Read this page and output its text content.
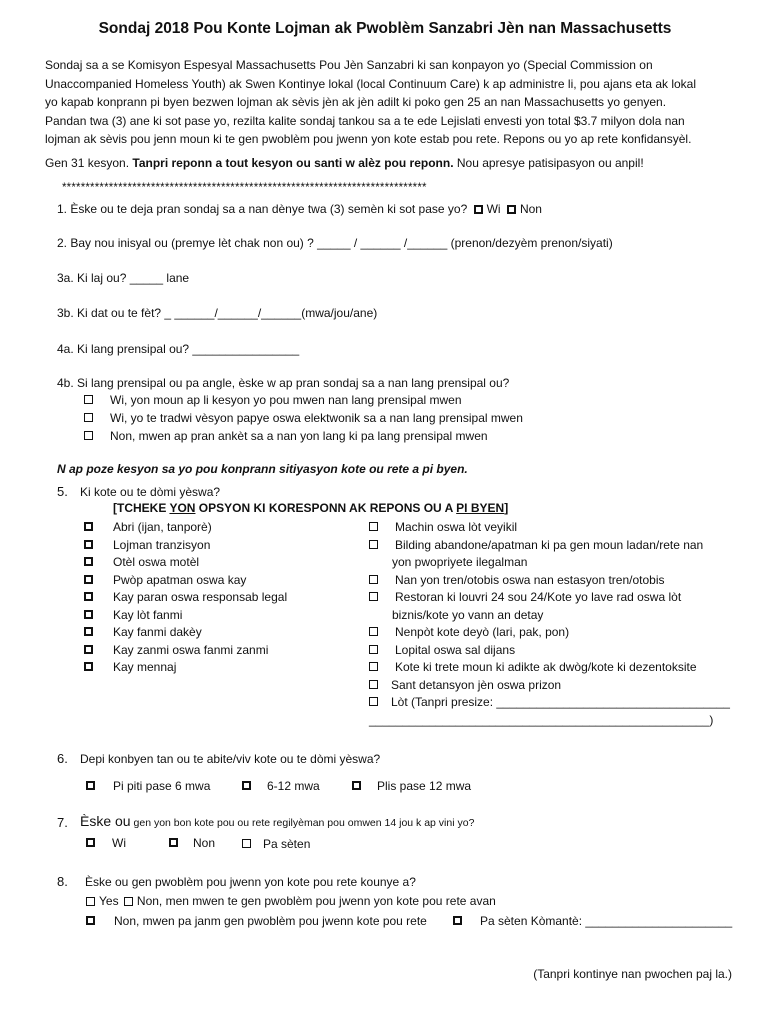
Sondaj 2018 Pou Konte Lojman ak Pwoblèm Sanzabri Jèn nan Massachusetts

Sondaj sa a se Komisyon Espesyal Massachusetts Pou Jèn Sanzabri ki san konpayon yo (Special Commission on

Unaccompanied Homeless Youth) ak Swen Kontinye lokal (local Continuum Care) k ap administre li, pou ajans eta ak lokal

yo kapab konprann pi byen bezwen lojman ak sèvis jèn ak jèn adilt ki poko gen 25 an nan Massachusetts yo genyen.

Pandan twa (3) ane ki sot pase yo, rezilta kalite sondaj tankou sa a te ede Lejislati envesti yon total $3.7 milyon dola nan

lojman ak sèvis pou jenn moun ki te gen pwoblèm pou jwenn yon kote estab pou rete. Repons ou yo ap rete konfidansyèl.

Gen 31 kesyon. Tanpri reponn a tout kesyon ou santi w alèz pou reponn. Nou apresye patisipasyon ou anpil!
******************************************************************************
1. Èske ou te deja pran sondaj sa a nan dènye twa (3) semèn ki sot pase yo? Wi Non
2. Bay nou inisyal ou (premye lèt chak non ou) ? _____ / ______ /______ (prenon/dezyèm prenon/siyati)
3a. Ki laj ou? _____ lane
3b. Ki dat ou te fèt? _ ______/______/______(mwa/jou/ane)
4a. Ki lang prensipal ou? ________________
4b. Si lang prensipal ou pa angle, èske w ap pran sondaj sa a nan lang prensipal ou?
Wi, yon moun ap li kesyon yo pou mwen nan lang prensipal mwen
Wi, yo te tradwi vèsyon papye oswa elektwonik sa a nan lang prensipal mwen
Non, mwen ap pran ankèt sa a nan yon lang ki pa lang prensipal mwen
N ap poze kesyon sa yo pou konprann sitiyasyon kote ou rete a pi byen.
5. Ki kote ou te dòmi yèswa?
[TCHEKE YON OPSYON KI KORESPONN AK REPONS OU A PI BYEN]
Abri (ijan, tanporè)
Lojman tranzisyon
Otèl oswa motèl
Pwòp apatman oswa kay
Kay paran oswa responsab legal
Kay lòt fanmi
Kay fanmi dakèy
Kay zanmi oswa fanmi zanmi
Kay mennaj
Machin oswa lòt veyikil
Bilding abandone/apatman ki pa gen moun ladan/rete nan
yon pwopriyete ilegalman
Nan yon tren/otobis oswa nan estasyon tren/otobis
Restoran ki louvri 24 sou 24/Kote yo lave rad oswa lòt
biznis/kote yo vann an detay
Nenpòt kote deyò (lari, pak, pon)
Lopital oswa sal dijans
Kote ki trete moun ki adikte ak dwòg/kote ki dezentoksite
Sant detansyon jèn oswa prizon
Lòt (Tanpri presize: ___________________________________
___________________________________________________)
6. Depi konbyen tan ou te abite/viv kote ou te dòmi yèswa?
Pi piti pase 6 mwa	6-12 mwa	Plis pase 12 mwa
7. Èske ou gen yon bon kote pou ou rete regilyèman pou omwen 14 jou k ap vini yo?
Wi	Non	Pa sèten
8. Èske ou gen pwoblèm pou jwenn yon kote pou rete kounye a?
Yes Non, men mwen te gen pwoblèm pou jwenn yon kote pou rete avan
Non, mwen pa janm gen pwoblèm pou jwenn kote pou rete	Pa sèten Kòmantè: ______________________
(Tanpri kontinye nan pwochen paj la.)
